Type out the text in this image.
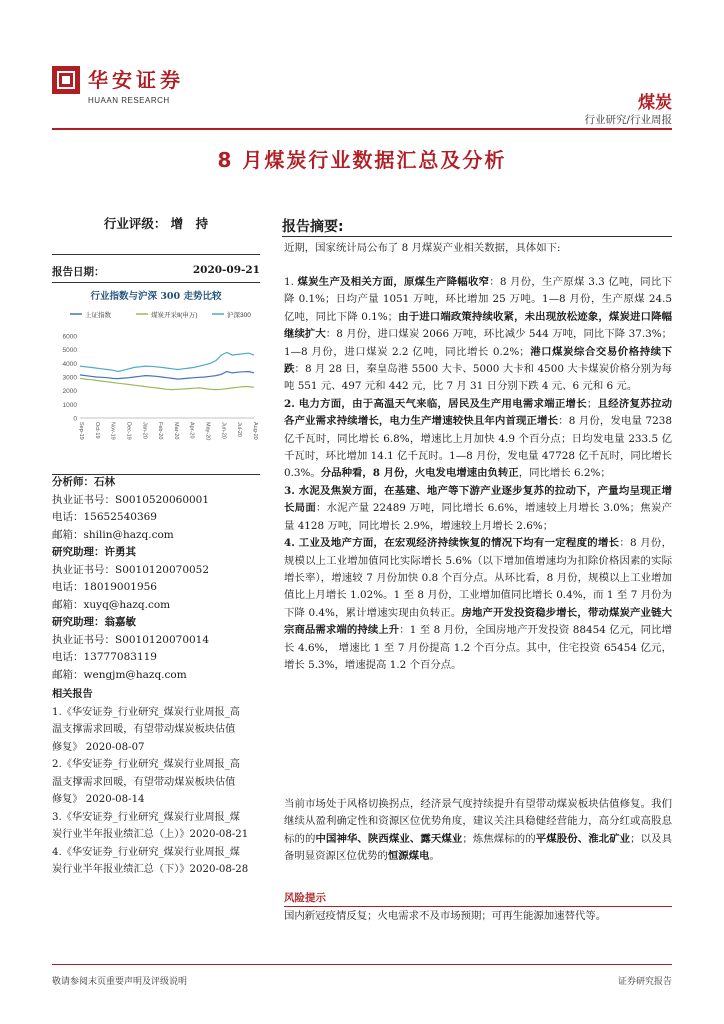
华安证券
HUAAN RESEARCH	煤炭
行业研究/行业周报
8 月煤炭行业数据汇总及分析
行业评级： 增　持
报告日期：	2020-09-21
行业指数与沪深 300 走势比较
上证指数	煤炭开采Ⅱ(申万)	沪深300
0
1000
2000
3000
4000
5000
6000
Sep-19 Oct-19 Nov-19 Dec-19 Jan-20 Feb-20 Mar-20 Apr-20 May-20 Jun-20 Jul-20 Aug-20
分析师：石林
执业证书号：S0010520060001
电话：15652540369
邮箱：shilin@hazq.com
研究助理：许勇其
执业证书号：S0010120070052
电话：18019001956
邮箱：xuyq@hazq.com
研究助理：翁嘉敏
执业证书号：S0010120070014
电话：13777083119
邮箱：wengjm@hazq.com
相关报告
1.《华安证券_行业研究_煤炭行业周报_高
温支撑需求回暖，有望带动煤炭板块估值
修复》 2020-08-07
2.《华安证券_行业研究_煤炭行业周报_高
温支撑需求回暖，有望带动煤炭板块估值
修复》 2020-08-14
3.《华安证券_行业研究_煤炭行业周报_煤
炭行业半年报业绩汇总（上）》2020-08-21
4.《华安证券_行业研究_煤炭行业周报_煤
炭行业半年报业绩汇总（下）》2020-08-28
报告摘要:
近期，国家统计局公布了 8 月煤炭产业相关数据，具体如下:

1. 煤炭生产及相关方面，原煤生产降幅收窄：8 月份，生产原煤 3.3 亿吨，同比下降 0.1%；日均产量 1051 万吨，环比增加 25 万吨。1—8 月份，生产原煤 24.5 亿吨，同比下降 0.1%；由于进口端政策持续收紧，未出现放松迹象，煤炭进口降幅继续扩大：8 月份，进口煤炭 2066 万吨，环比减少 544 万吨，同比下降 37.3%；1—8 月份，进口煤炭 2.2 亿吨，同比增长 0.2%；港口煤炭综合交易价格持续下跌：8 月 28 日，秦皇岛港 5500 大卡、5000 大卡和 4500 大卡煤炭价格分别为每吨 551 元、497 元和 442 元，比 7 月 31 日分别下跌 4 元、6 元和 6 元。

2. 电力方面，由于高温天气来临，居民及生产用电需求端正增长；且经济复苏拉动各产业需求持续增长，电力生产增速较快且年内首现正增长：8 月份，发电量 7238 亿千瓦时，同比增长 6.8%，增速比上月加快 4.9 个百分点；日均发电量 233.5 亿千瓦时，环比增加 14.1 亿千瓦时。1—8 月份，发电量 47728 亿千瓦时，同比增长 0.3%。分品种看，8 月份，火电发电增速由负转正，同比增长 6.2%；

3. 水泥及焦炭方面，在基建、地产等下游产业逐步复苏的拉动下，产量均呈现正增长局面：水泥产量 22489 万吨，同比增长 6.6%，增速较上月增长 3.0%；焦炭产量 4128 万吨，同比增长 2.9%，增速较上月增长 2.6%；

4. 工业及地产方面，在宏观经济持续恢复的情况下均有一定程度的增长：8 月份，规模以上工业增加值同比实际增长 5.6%（以下增加值增速均为扣除价格因素的实际增长率），增速较 7 月份加快 0.8 个百分点。从环比看，8 月份，规模以上工业增加值比上月增长 1.02%。1 至 8 月份，工业增加值同比增长 0.4%，而 1 至 7 月份为下降 0.4%，累计增速实现由负转正。房地产开发投资稳步增长，带动煤炭产业链大宗商品需求端的持续上升：1 至 8 月份，全国房地产开发投资 88454 亿元，同比增长 4.6%， 增速比 1 至 7 月份提高 1.2 个百分点。其中，住宅投资 65454 亿元，增长 5.3%，增速提高 1.2 个百分点。

当前市场处于风格切换拐点，经济景气度持续提升有望带动煤炭板块估值修复。我们继续从盈利确定性和资源区位优势角度，建议关注具稳健经营能力，高分红或高股息标的的中国神华、陕西煤业、露天煤业；炼焦煤标的的平煤股份、淮北矿业；以及具备明显资源区位优势的恒源煤电。

风险提示
国内新冠疫情反复；火电需求不及市场预期；可再生能源加速替代等。
敬请参阅末页重要声明及评级说明	证券研究报告
